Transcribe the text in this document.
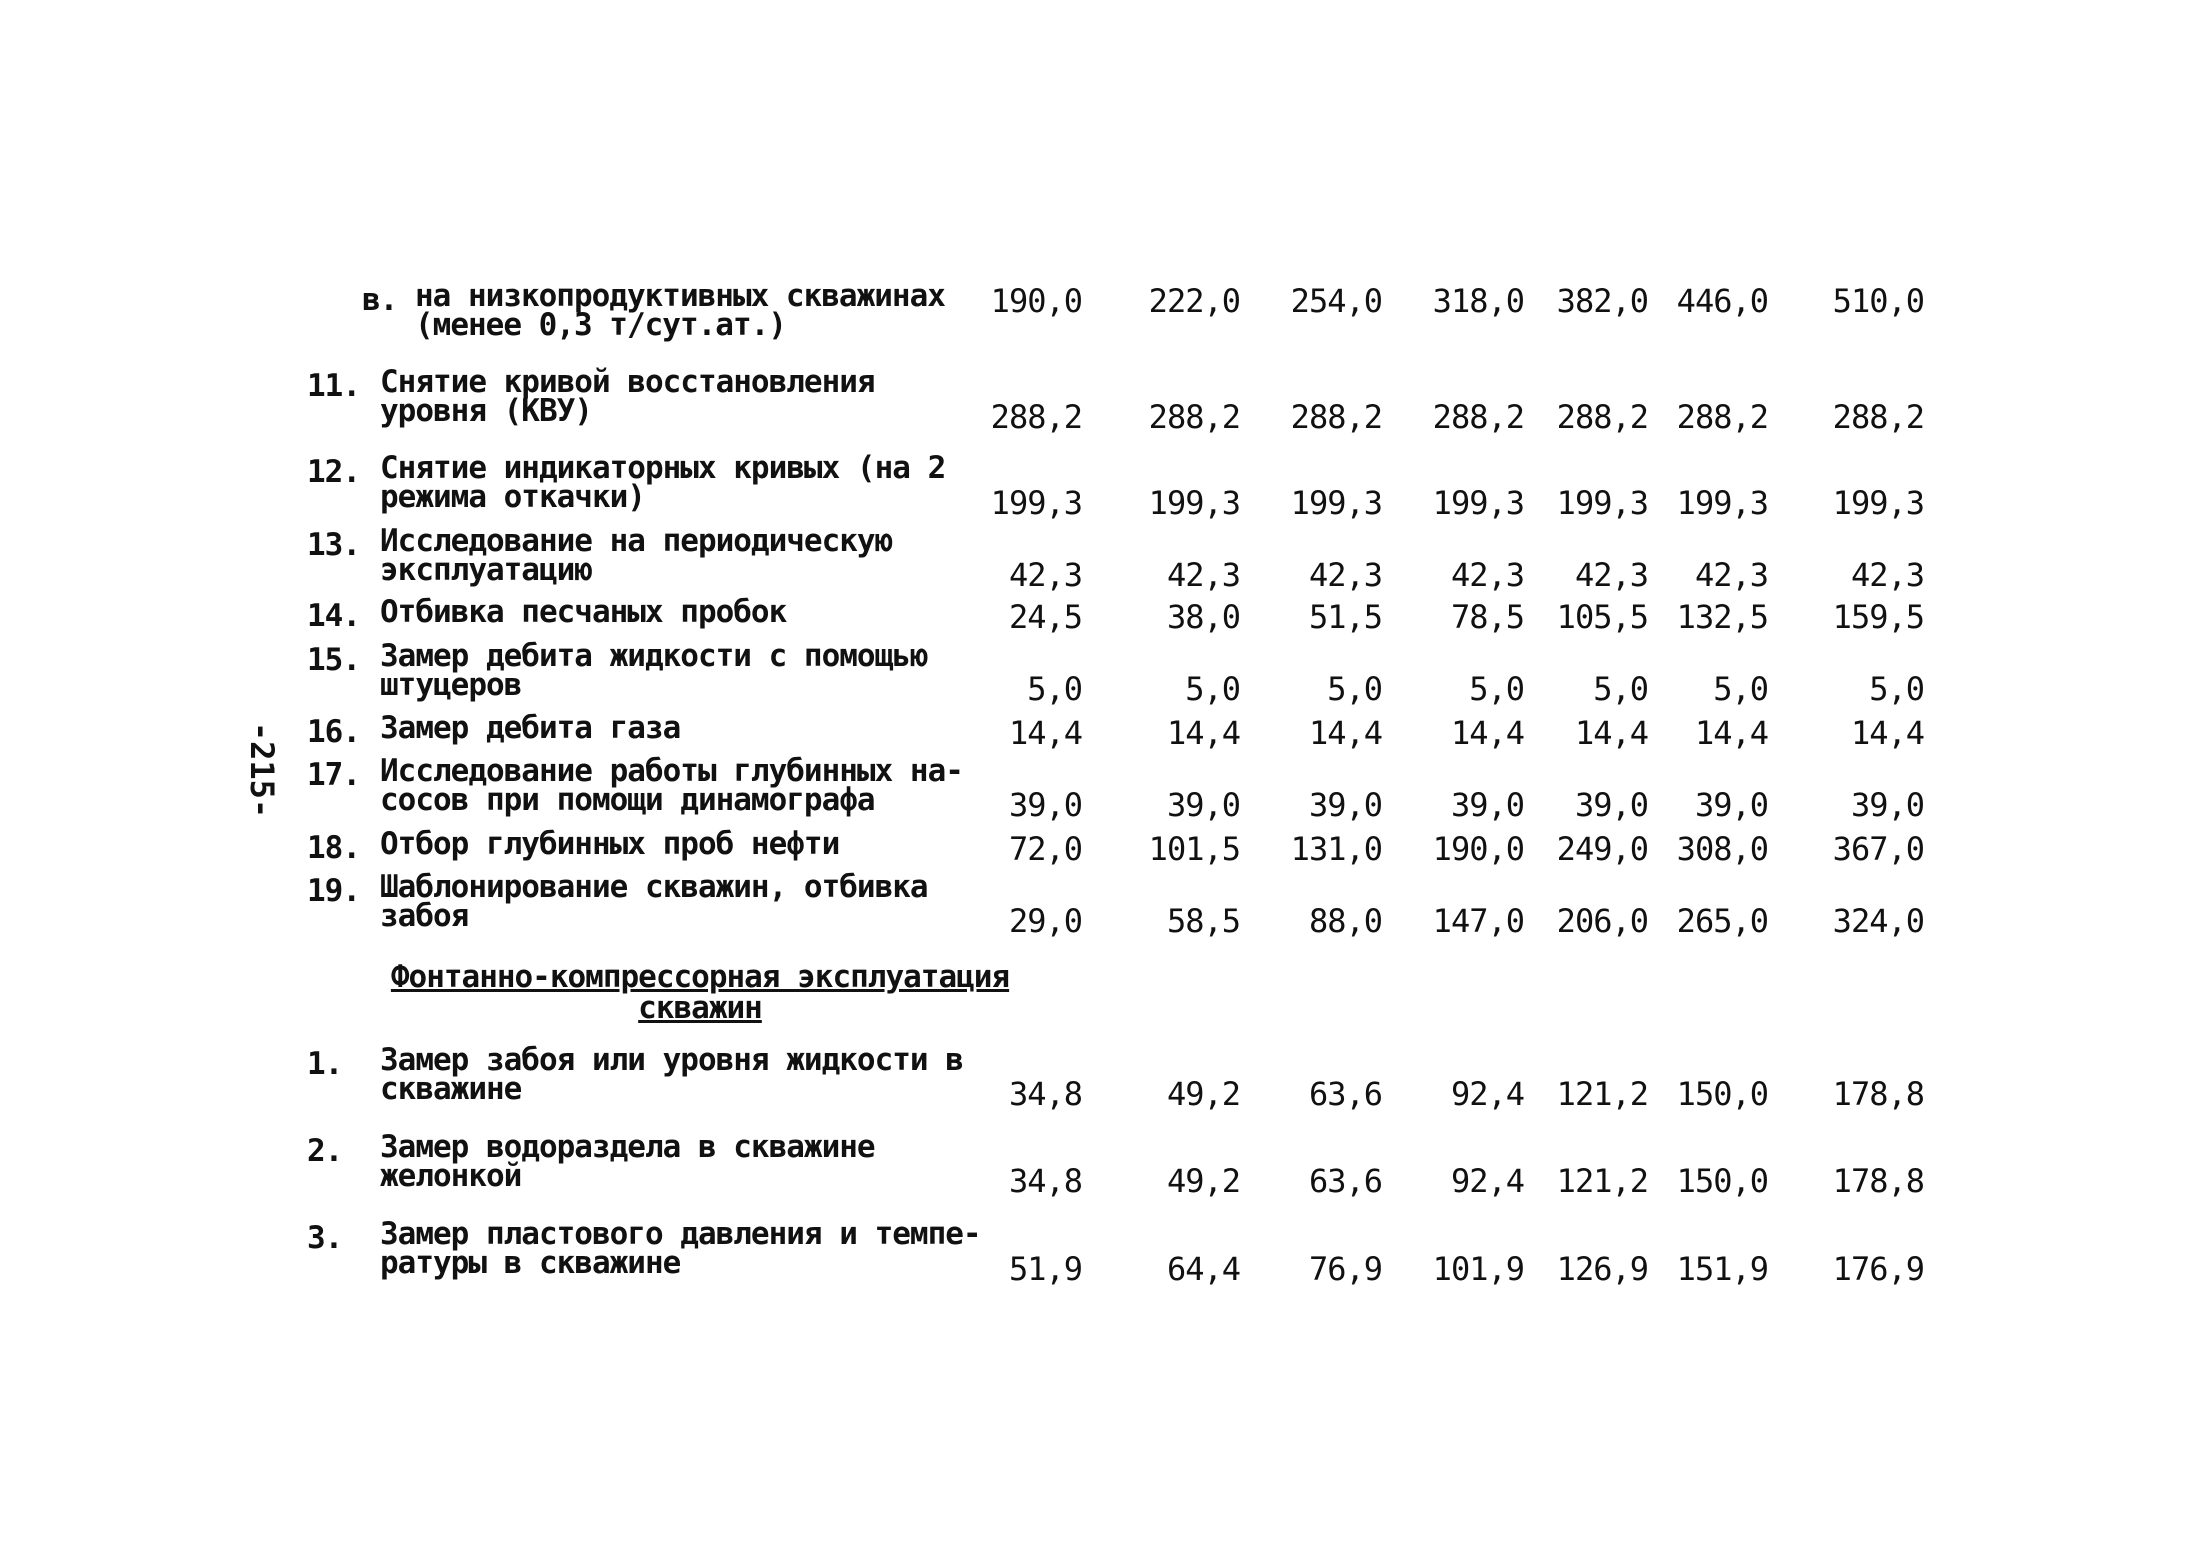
-215-
в. на низкопродуктивных скважинах
(менее 0,3 т/сут.ат.)
190,0 222,0 254,0 318,0 382,0 446,0 510,0
11. Снятие кривой восстановления
уровня (КВУ)	288,2 288,2 288,2 288,2 288,2 288,2 288,2
12. Снятие индикаторных кривых (на 2
режима откачки)	199,3 199,3 199,3 199,3 199,3 199,3 199,3
13. Исследование на периодическую
эксплуатацию	42,3	42,3 42,3 42,3 42,3 42,3	42,3
14. Отбивка песчаных пробок	24,5	38,0 51,5 78,5 105,5 132,5 159,5
15. Замер дебита жидкости с помощью
штуцеров	5,0	5,0	5,0	5,0 5,0 5,0	5,0
16. Замер дебита газа	14,4	14,4 14,4 14,4 14,4 14,4	14,4
17. Исследование работы глубинных на-
сосов при помощи динамографа	39,0	39,0 39,0 39,0 39,0 39,0	39,0
18. Отбор глубинных проб нефти	72,0 101,5 131,0 190,0 249,0 308,0 367,0
19. Шаблонирование скважин, отбивка
забоя	29,0	58,5 88,0 147,0 206,0 265,0 324,0
1. Замер забоя или уровня жидкости в
скважине	34,8	49,2 63,6 92,4 121,2 150,0 178,8
2. Замер водораздела в скважине
желонкой	34,8	49,2 63,6 92,4 121,2 150,0 178,8
3. Замер пластового давления и темпе-
ратуры в скважине	51,9	64,4 76,9 101,9 126,9 151,9 176,9
Фонтанно-компрессорная эксплуатация
скважин
